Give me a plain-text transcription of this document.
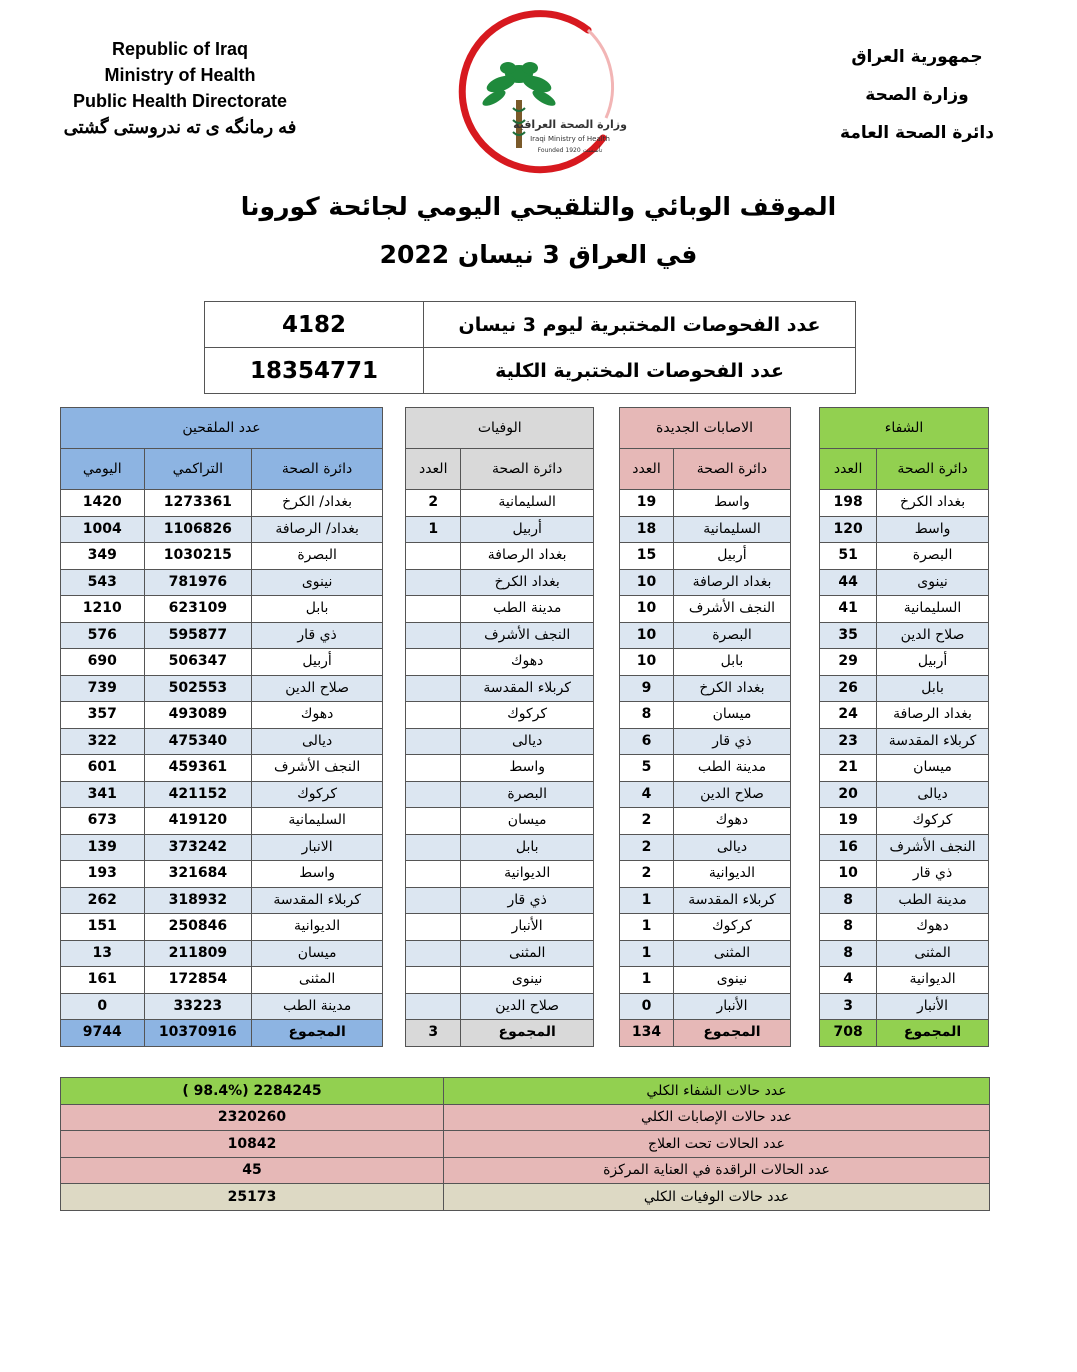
Republic of Iraq
Ministry of Health
Public Health Directorate
فه رمانگه ی ته ندروستی گشتی	وزارة الصحة العراقية
Iraqi Ministry of Health
Founded 1920 تأسست
جمهورية العراق
وزارة الصحة
دائرة الصحة العامة
الموقف الوبائي والتلقيحي اليومي لجائحة كورونا
في العراق 3 نيسان 2022
عدد الفحوصات المختبرية ليوم 3 نيسان	4182
عدد الفحوصات المختبرية الكلية	18354771
الشفاء			الاصابات الجديدة			الوفيات			عدد الملقحين		
دائرة الصحة	العدد		دائرة الصحة	العدد		دائرة الصحة	العدد		دائرة الصحة	التراكمي	اليومي
بغداد الكرخ	198		واسط	19		السليمانية	2		بغداد/ الكرخ	1273361	1420
واسط	120		السليمانية	18		أربيل	1		بغداد/ الرصافة	1106826	1004
البصرة	51		أربيل	15		بغداد الرصافة			البصرة	1030215	349
نينوى	44		بغداد الرصافة	10		بغداد الكرخ			نينوى	781976	543
السليمانية	41		النجف الأشرف	10		مدينة الطب			بابل	623109	1210
صلاح الدين	35		البصرة	10		النجف الأشرف			ذي قار	595877	576
أربيل	29		بابل	10		دهوك			أربيل	506347	690
بابل	26		بغداد الكرخ	9		كربلاء المقدسة			صلاح الدين	502553	739
بغداد الرصافة	24		ميسان	8		كركوك			دهوك	493089	357
كربلاء المقدسة	23		ذي قار	6		ديالى			ديالى	475340	322
ميسان	21		مدينة الطب	5		واسط			النجف الأشرف	459361	601
ديالى	20		صلاح الدين	4		البصرة			كركوك	421152	341
كركوك	19		دهوك	2		ميسان			السليمانية	419120	673
النجف الأشرف	16		ديالى	2		بابل			الانبار	373242	139
ذي قار	10		الديوانية	2		الديوانية			واسط	321684	193
مدينة الطب	8		كربلاء المقدسة	1		ذي قار			كربلاء المقدسة	318932	262
دهوك	8		كركوك	1		الأنبار			الديوانية	250846	151
المثنى	8		المثنى	1		المثنى			ميسان	211809	13
الديوانية	4		نينوى	1		نينوى			المثنى	172854	161
الأنبار	3		الأنبار	0		صلاح الدين			مدينة الطب	33223	0
المجموع	708		المجموع	134		المجموع	3		المجموع	10370916	9744
عدد حالات الشفاء الكلي	2284245 (98.4% )
عدد حالات الإصابات الكلي	2320260
عدد الحالات تحت العلاج	10842
عدد الحالات الراقدة في العناية المركزة	45
عدد حالات الوفيات الكلي	25173
